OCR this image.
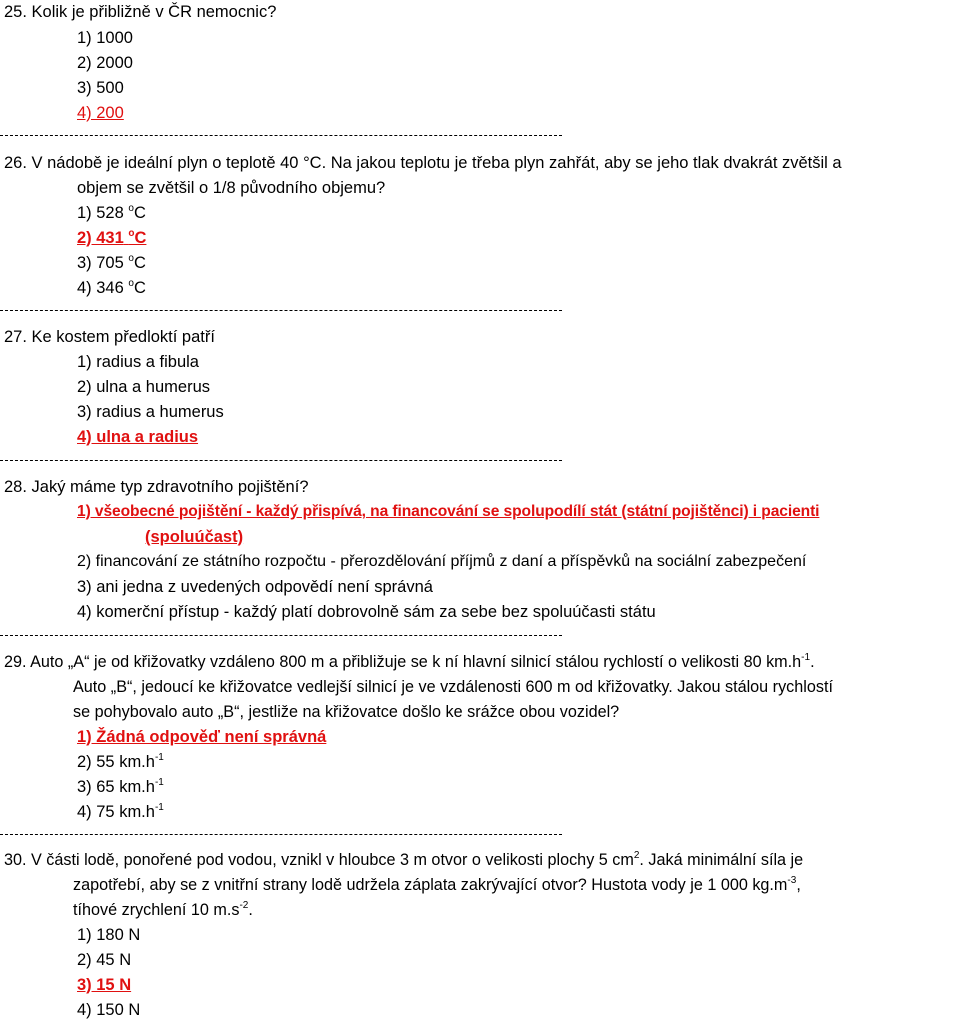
25. Kolik je přibližně v ČR nemocnic?
1) 1000
2) 2000
3) 500
4) 200
26. V nádobě je ideální plyn o teplotě 40 °C. Na jakou teplotu je třeba plyn zahřát, aby se jeho tlak dvakrát zvětšil a
objem se zvětšil o 1/8 původního objemu?
1) 528 $^o$C
2) 431 $^o$C
3) 705 $^o$C
4) 346 $^o$C
27. Ke kostem předloktí patří
1) radius a fibula
2) ulna a humerus
3) radius a humerus
4) ulna a radius
28. Jaký máme typ zdravotního pojištění?
1) všeobecné pojištění - každý přispívá, na financování se spolupodílí stát (státní pojištěnci) i pacienti
(spoluúčast)
2) financování ze státního rozpočtu - přerozdělování příjmů z daní a příspěvků na sociální zabezpečení
3) ani jedna z uvedených odpovědí není správná
4) komerční přístup - každý platí dobrovolně sám za sebe bez spoluúčasti státu
29. Auto „A“ je od křižovatky vzdáleno 800 m a přibližuje se k ní hlavní silnicí stálou rychlostí o velikosti 80 $km.h^{-1}$.
Auto „B“, jedoucí ke křižovatce vedlejší silnicí je ve vzdálenosti 600 m od křižovatky. Jakou stálou rychlostí
se pohybovalo auto „B“, jestliže na křižovatce došlo ke srážce obou vozidel?
1) Žádná odpověď není správná
2) 55 $km.h^{-1}$
3) 65 $km.h^{-1}$
4) 75 $km.h^{-1}$
30. V části lodě, ponořené pod vodou, vznikl v hloubce 3 m otvor o velikosti plochy 5 $cm^2$. Jaká minimální síla je
zapotřebí, aby se z vnitřní strany lodě udržela záplata zakrývající otvor? Hustota vody je 1 000 $kg.m^{-3}$,
tíhové zrychlení 10 $m.s^{-2}$.
1) 180 N
2) 45 N
3) 15 N
4) 150 N
